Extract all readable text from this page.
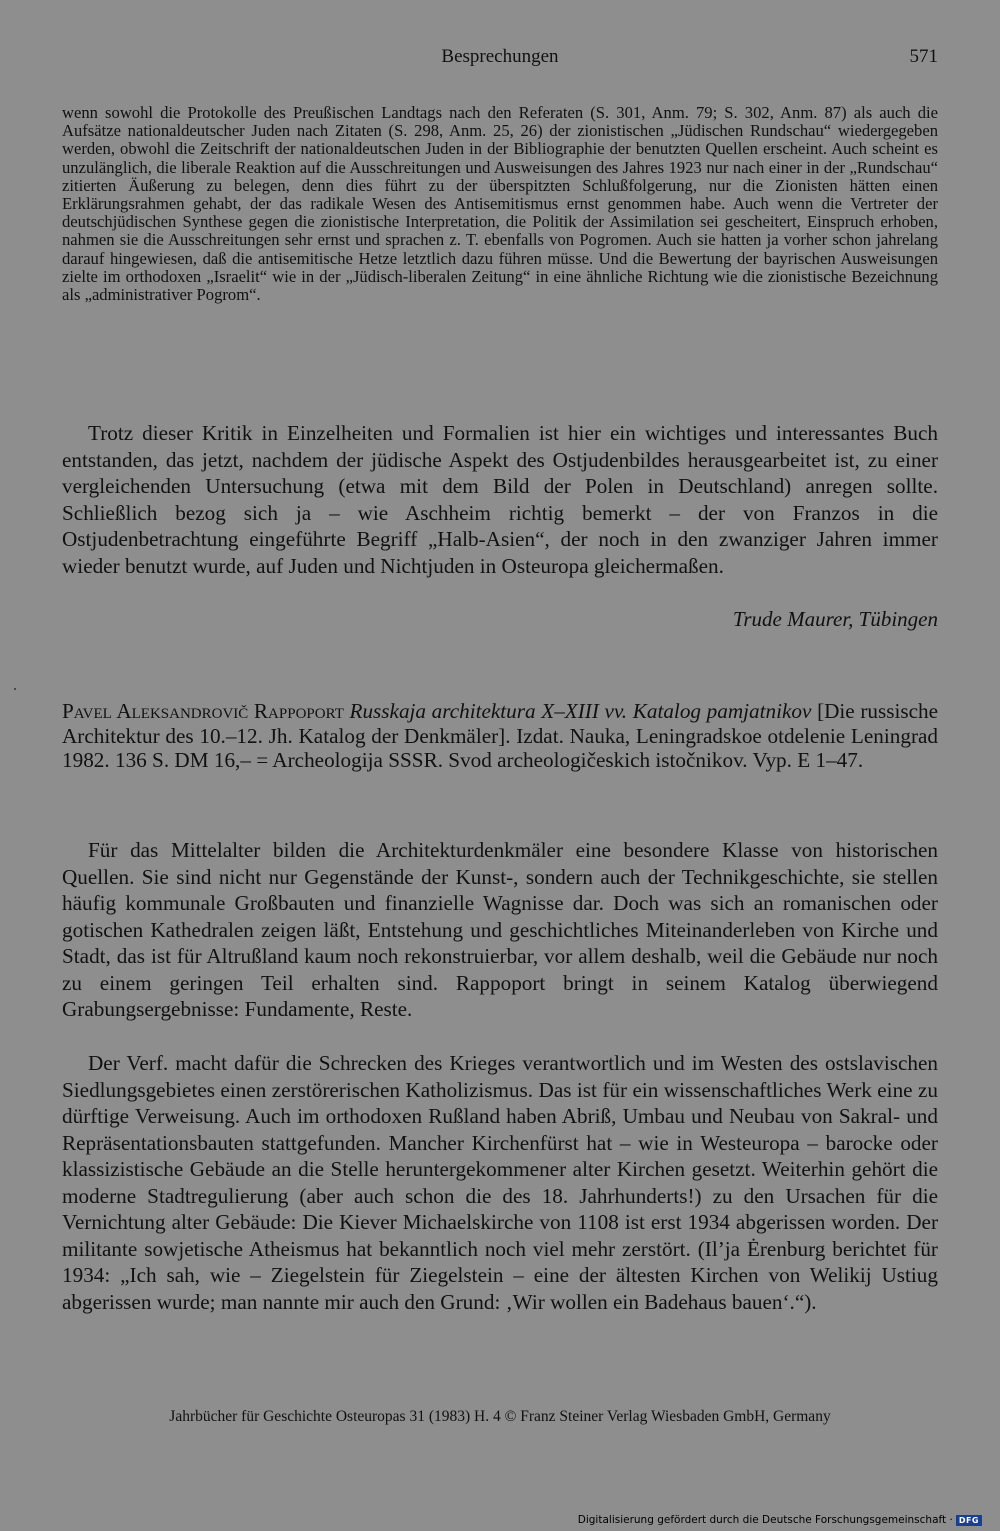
Besprechungen	571

wenn sowohl die Protokolle des Preußischen Landtags nach den Referaten (S. 301, Anm. 79; S. 302, Anm. 87) als auch die Aufsätze nationaldeutscher Juden nach Zitaten (S. 298, Anm. 25, 26) der zionistischen „Jüdischen Rundschau“ wiedergegeben werden, obwohl die Zeitschrift der nationaldeutschen Juden in der Bibliographie der benutzten Quellen erscheint. Auch scheint es unzulänglich, die liberale Reaktion auf die Ausschreitungen und Ausweisungen des Jahres 1923 nur nach einer in der „Rundschau“ zitierten Äußerung zu belegen, denn dies führt zu der überspitzten Schlußfolgerung, nur die Zionisten hätten einen Erklärungsrahmen gehabt, der das radikale Wesen des Antisemitismus ernst genommen habe. Auch wenn die Vertreter der deutschjüdischen Synthese gegen die zionistische Interpretation, die Politik der Assimilation sei gescheitert, Einspruch erhoben, nahmen sie die Ausschreitungen sehr ernst und sprachen z. T. ebenfalls von Pogromen. Auch sie hatten ja vorher schon jahrelang darauf hingewiesen, daß die antisemitische Hetze letztlich dazu führen müsse. Und die Bewertung der bayrischen Ausweisungen zielte im orthodoxen „Israelit“ wie in der „Jüdisch-liberalen Zeitung“ in eine ähnliche Richtung wie die zionistische Bezeichnung als „administrativer Pogrom“.

Trotz dieser Kritik in Einzelheiten und Formalien ist hier ein wichtiges und interessantes Buch entstanden, das jetzt, nachdem der jüdische Aspekt des Ostjudenbildes herausgearbeitet ist, zu einer vergleichenden Untersuchung (etwa mit dem Bild der Polen in Deutschland) anregen sollte. Schließlich bezog sich ja – wie Aschheim richtig bemerkt – der von Franzos in die Ostjudenbetrachtung eingeführte Begriff „Halb-Asien“, der noch in den zwanziger Jahren immer wieder benutzt wurde, auf Juden und Nichtjuden in Osteuropa gleichermaßen.

Trude Maurer, Tübingen

Pavel Aleksandrovič Rappoport Russkaja architektura X–XIII vv. Katalog pamjatnikov [Die russische Architektur des 10.–12. Jh. Katalog der Denkmäler]. Izdat. Nauka, Leningradskoe otdelenie Leningrad 1982. 136 S. DM 16,– = Archeologija SSSR. Svod archeologičeskich istočnikov. Vyp. E 1–47.

Für das Mittelalter bilden die Architekturdenkmäler eine besondere Klasse von historischen Quellen. Sie sind nicht nur Gegenstände der Kunst-, sondern auch der Technikgeschichte, sie stellen häufig kommunale Großbauten und finanzielle Wagnisse dar. Doch was sich an romanischen oder gotischen Kathedralen zeigen läßt, Entstehung und geschichtliches Miteinanderleben von Kirche und Stadt, das ist für Altrußland kaum noch rekonstruierbar, vor allem deshalb, weil die Gebäude nur noch zu einem geringen Teil erhalten sind. Rappoport bringt in seinem Katalog überwiegend Grabungsergebnisse: Fundamente, Reste.

Der Verf. macht dafür die Schrecken des Krieges verantwortlich und im Westen des ostslavischen Siedlungsgebietes einen zerstörerischen Katholizismus. Das ist für ein wissenschaftliches Werk eine zu dürftige Verweisung. Auch im orthodoxen Rußland haben Abriß, Umbau und Neubau von Sakral- und Repräsentationsbauten stattgefunden. Mancher Kirchenfürst hat – wie in Westeuropa – barocke oder klassizistische Gebäude an die Stelle heruntergekommener alter Kirchen gesetzt. Weiterhin gehört die moderne Stadtregulierung (aber auch schon die des 18. Jahrhunderts!) zu den Ursachen für die Vernichtung alter Gebäude: Die Kiever Michaelskirche von 1108 ist erst 1934 abgerissen worden. Der militante sowjetische Atheismus hat bekanntlich noch viel mehr zerstört. (Il’ja Ėrenburg berichtet für 1934: „Ich sah, wie – Ziegelstein für Ziegelstein – eine der ältesten Kirchen von Welikij Ustiug abgerissen wurde; man nannte mir auch den Grund: ‚Wir wollen ein Badehaus bauen‘.“).

Jahrbücher für Geschichte Osteuropas 31 (1983) H. 4 © Franz Steiner Verlag Wiesbaden GmbH, Germany
Digitalisierung gefördert durch die Deutsche Forschungsgemeinschaft · DFG
